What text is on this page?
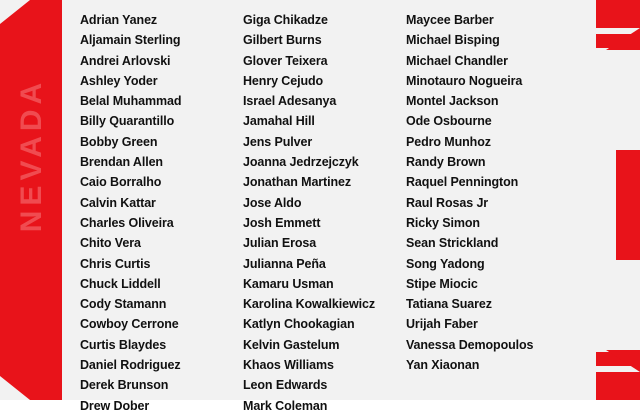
NEVADA
Adrian Yanez
Aljamain Sterling
Andrei Arlovski
Ashley Yoder
Belal Muhammad
Billy Quarantillo
Bobby Green
Brendan Allen
Caio Borralho
Calvin Kattar
Charles Oliveira
Chito Vera
Chris Curtis
Chuck Liddell
Cody Stamann
Cowboy Cerrone
Curtis Blaydes
Daniel Rodriguez
Derek Brunson
Drew Dober
Giga Chikadze
Gilbert Burns
Glover Teixera
Henry Cejudo
Israel Adesanya
Jamahal Hill
Jens Pulver
Joanna Jedrzejczyk
Jonathan Martinez
Jose Aldo
Josh Emmett
Julian Erosa
Julianna Peña
Kamaru Usman
Karolina Kowalkiewicz
Katlyn Chookagian
Kelvin Gastelum
Khaos Williams
Leon Edwards
Mark Coleman
Maycee Barber
Michael Bisping
Michael Chandler
Minotauro Nogueira
Montel Jackson
Ode Osbourne
Pedro Munhoz
Randy Brown
Raquel Pennington
Raul Rosas Jr
Ricky Simon
Sean Strickland
Song Yadong
Stipe Miocic
Tatiana Suarez
Urijah Faber
Vanessa Demopoulos
Yan Xiaonan
